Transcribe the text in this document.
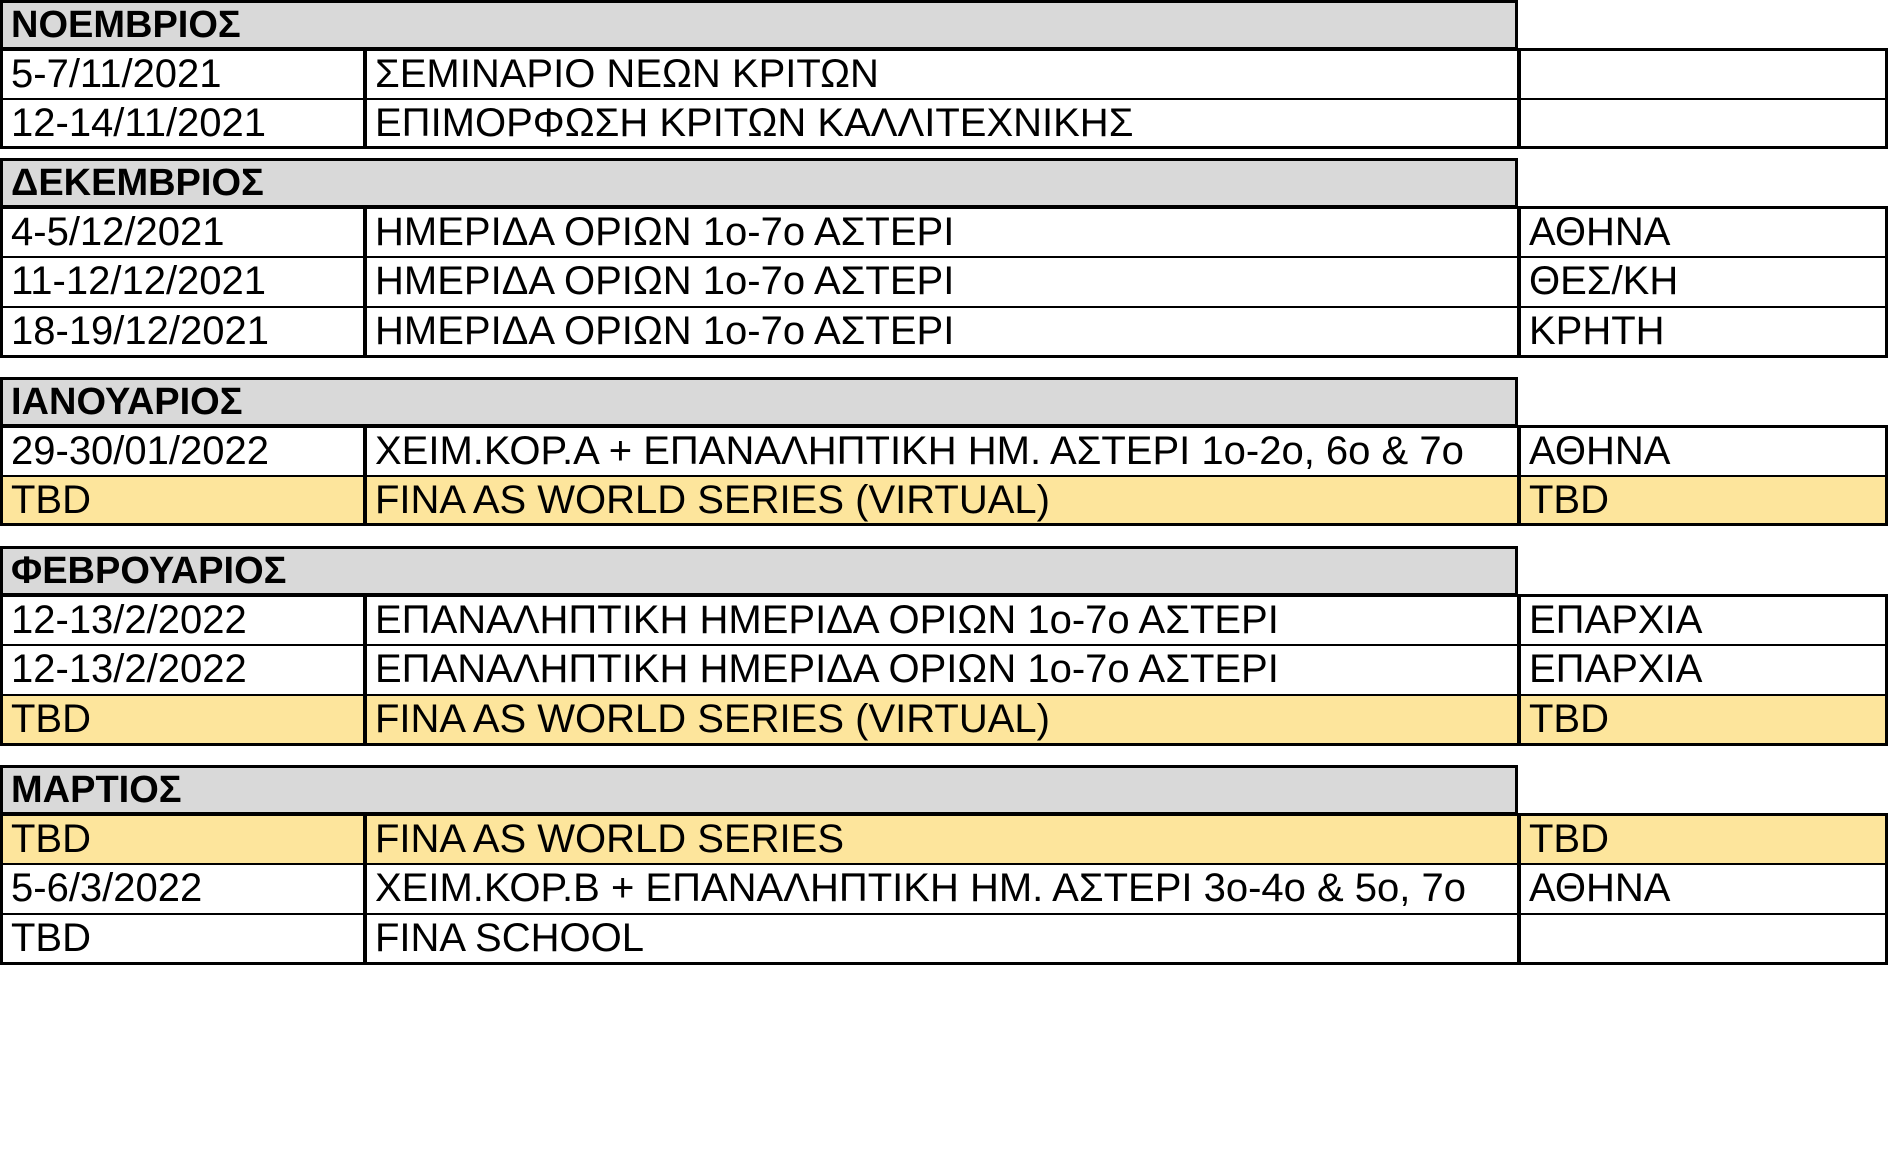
ΝΟΕΜΒΡΙΟΣ
5-7/11/2021	ΣΕΜΙΝΑΡΙΟ ΝΕΩΝ ΚΡΙΤΩΝ
12-14/11/2021	ΕΠΙΜΟΡΦΩΣΗ ΚΡΙΤΩΝ ΚΑΛΛΙΤΕΧΝΙΚΗΣ
ΔΕΚΕΜΒΡΙΟΣ
4-5/12/2021	ΗΜΕΡΙΔΑ ΟΡΙΩΝ 1ο-7ο ΑΣΤΕΡΙ	ΑΘΗΝΑ
11-12/12/2021	ΗΜΕΡΙΔΑ ΟΡΙΩΝ 1ο-7ο ΑΣΤΕΡΙ	ΘΕΣ/ΚΗ
18-19/12/2021	ΗΜΕΡΙΔΑ ΟΡΙΩΝ 1ο-7ο ΑΣΤΕΡΙ	ΚΡΗΤΗ
ΙΑΝΟΥΑΡΙΟΣ
29-30/01/2022	ΧΕΙΜ.ΚΟΡ.Α + ΕΠΑΝΑΛΗΠΤΙΚΗ ΗΜ. ΑΣΤΕΡΙ 1ο-2ο, 6ο & 7ο	ΑΘΗΝΑ
TBD	FINA AS WORLD SERIES (VIRTUAL)	TBD
ΦΕΒΡΟΥΑΡΙΟΣ
12-13/2/2022	ΕΠΑΝΑΛΗΠΤΙΚΗ ΗΜΕΡΙΔΑ ΟΡΙΩΝ 1ο-7ο ΑΣΤΕΡΙ	ΕΠΑΡΧΙΑ
12-13/2/2022	ΕΠΑΝΑΛΗΠΤΙΚΗ ΗΜΕΡΙΔΑ ΟΡΙΩΝ 1ο-7ο ΑΣΤΕΡΙ	ΕΠΑΡΧΙΑ
TBD	FINA AS WORLD SERIES (VIRTUAL)	TBD
ΜΑΡΤΙΟΣ
TBD	FINA AS WORLD SERIES	TBD
5-6/3/2022	ΧΕΙΜ.ΚΟΡ.Β + ΕΠΑΝΑΛΗΠΤΙΚΗ ΗΜ. ΑΣΤΕΡΙ 3ο-4ο & 5ο, 7ο	ΑΘΗΝΑ
TBD	FINA SCHOOL
